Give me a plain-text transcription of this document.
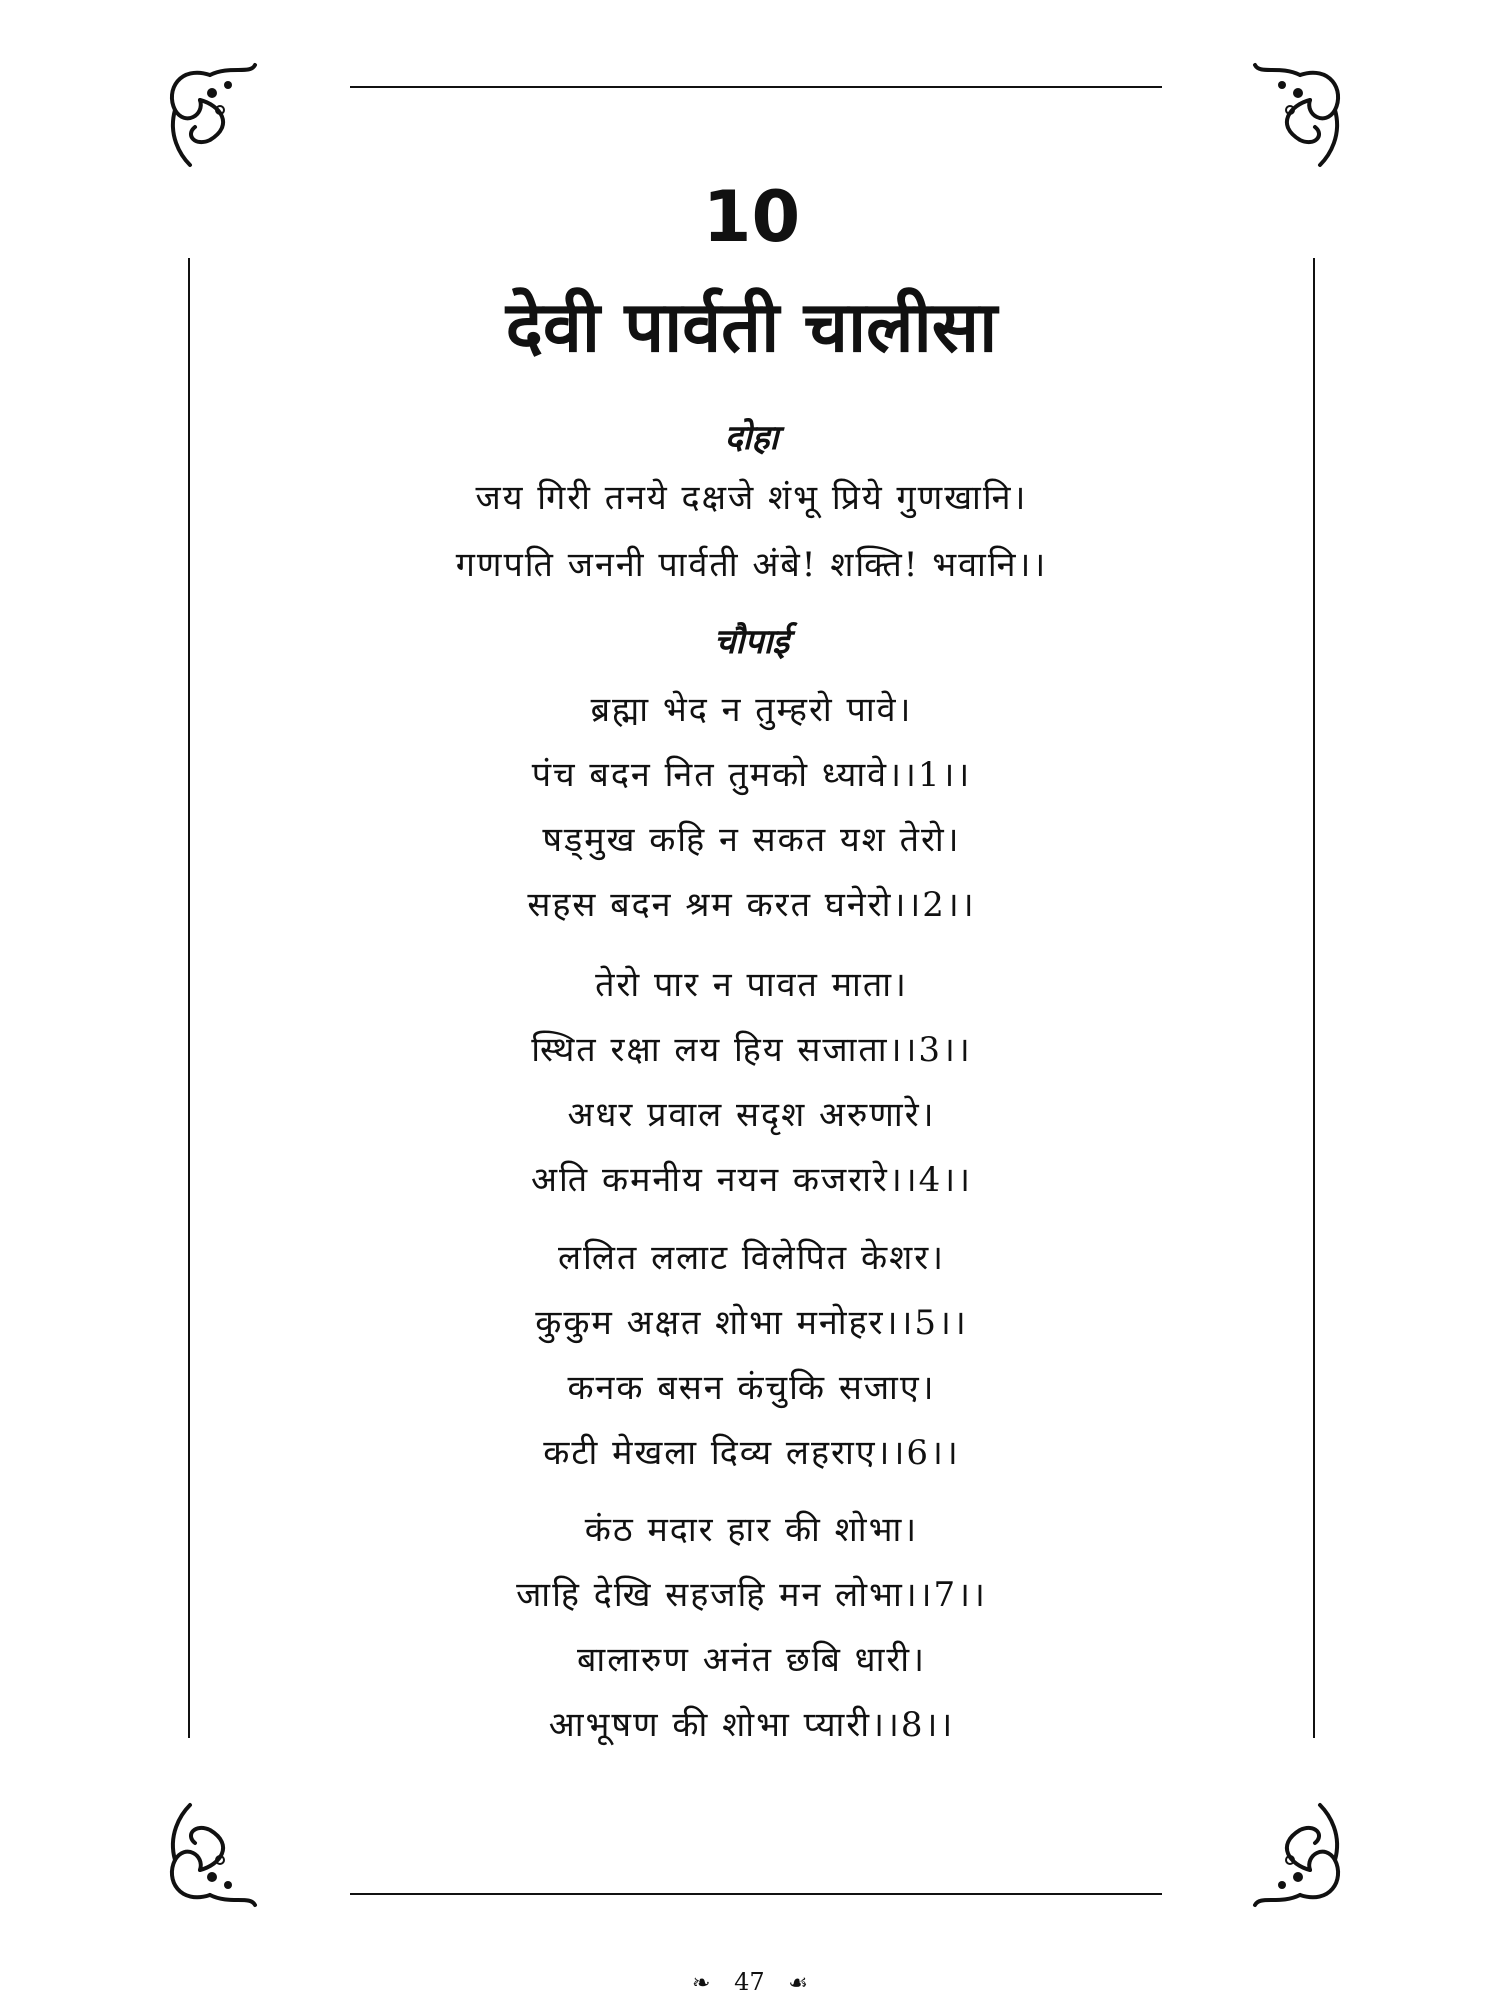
10
देवी पार्वती चालीसा
दोहा
जय गिरी तनये दक्षजे शंभू प्रिये गुणखानि।
गणपति जननी पार्वती अंबे! शक्ति! भवानि।।
चौपाई
ब्रह्मा भेद न तुम्हरो पावे।
पंच बदन नित तुमको ध्यावे।।1।।
षड्मुख कहि न सकत यश तेरो।
सहस बदन श्रम करत घनेरो।।2।।
तेरो पार न पावत माता।
स्थित रक्षा लय हिय सजाता।।3।।
अधर प्रवाल सदृश अरुणारे।
अति कमनीय नयन कजरारे।।4।।
ललित ललाट विलेपित केशर।
कुकुम अक्षत शोभा मनोहर।।5।।
कनक बसन कंचुकि सजाए।
कटी मेखला दिव्य लहराए।।6।।
कंठ मदार हार की शोभा।
जाहि देखि सहजहि मन लोभा।।7।।
बालारुण अनंत छबि धारी।
आभूषण की शोभा प्यारी।।8।।
❧ 47 ☙
